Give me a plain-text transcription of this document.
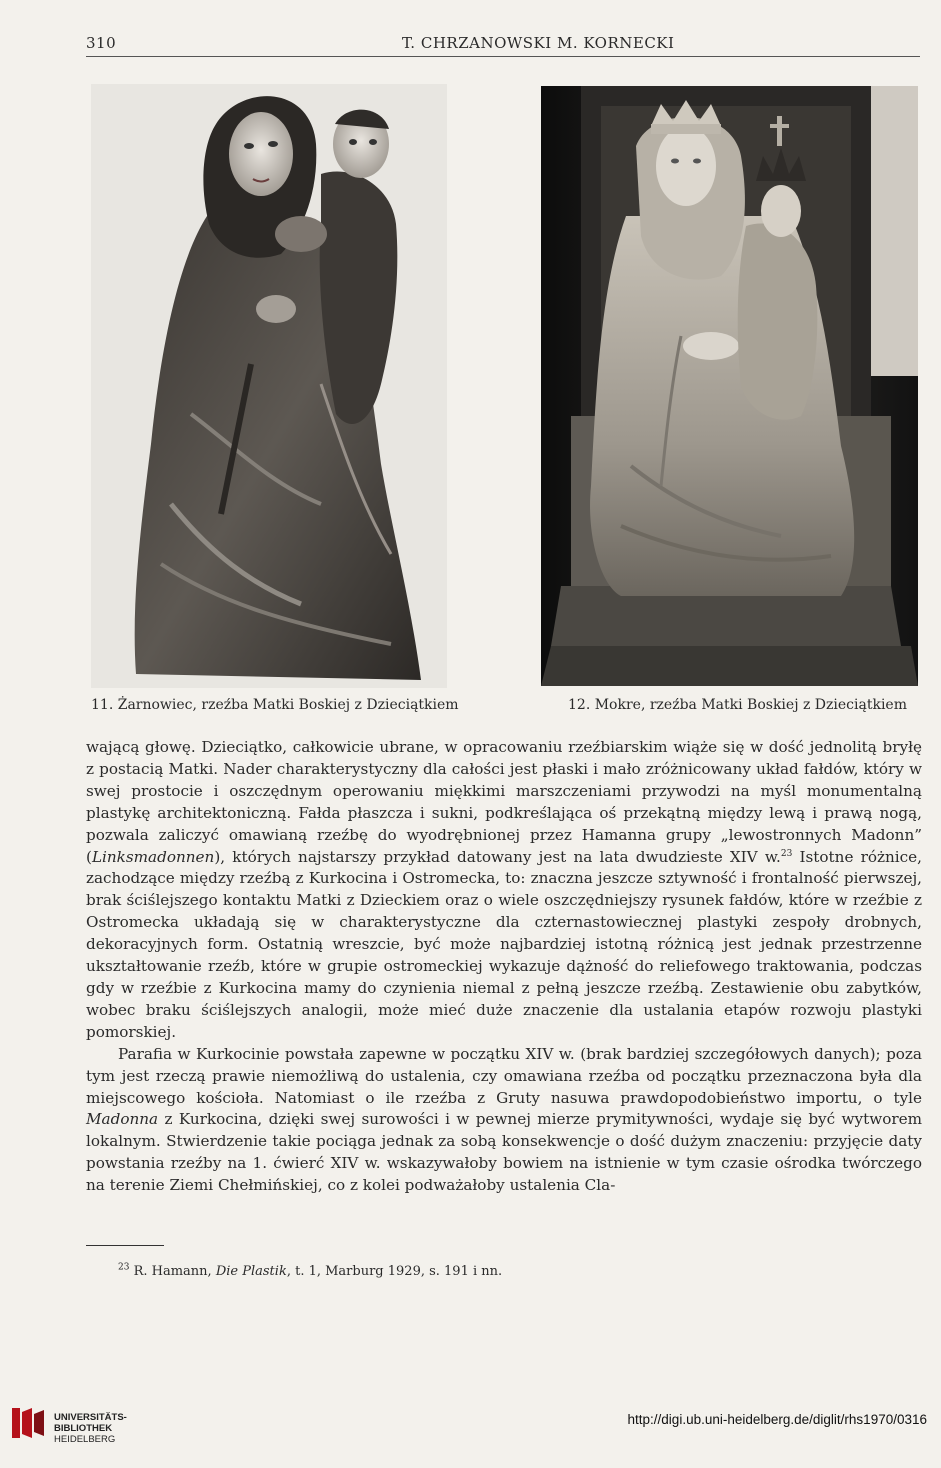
310	T. CHRZANOWSKI M. KORNECKI
11. Żarnowiec, rzeźba Matki Boskiej z Dzieciątkiem	12. Mokre, rzeźba Matki Boskiej z Dzieciątkiem

wającą głowę. Dzieciątko, całkowicie ubrane, w opracowaniu rzeźbiarskim wiąże się w dość jednolitą bryłę z postacią Matki. Nader charakterystyczny dla całości jest płaski i mało zróżnicowany układ fałdów, który w swej prostocie i oszczędnym operowaniu miękkimi marszczeniami przywodzi na myśl monumentalną plastykę architektoniczną. Fałda płaszcza i sukni, podkreślająca oś przekątną między lewą i prawą nogą, pozwala zaliczyć omawianą rzeźbę do wyodrębnionej przez Hamanna grupy „lewostronnych Madonn” (Linksmadonnen), których najstarszy przykład datowany jest na lata dwudzieste XIV w.$^{23}$ Istotne różnice, zachodzące między rzeźbą z Kurkocina i Ostromecka, to: znaczna jeszcze sztywność i frontalność pierwszej, brak ściślejszego kontaktu Matki z Dzieckiem oraz o wiele oszczędniejszy rysunek fałdów, które w rzeźbie z Ostromecka układają się w charakterystyczne dla czternastowiecznej plastyki zespoły drobnych, dekoracyjnych form. Ostatnią wreszcie, być może najbardziej istotną różnicą jest jednak przestrzenne ukształtowanie rzeźb, które w grupie ostromeckiej wykazuje dążność do reliefowego traktowania, podczas gdy w rzeźbie z Kurkocina mamy do czynienia niemal z pełną jeszcze rzeźbą. Zestawienie obu zabytków, wobec braku ściślejszych analogii, może mieć duże znaczenie dla ustalania etapów rozwoju plastyki pomorskiej.

Parafia w Kurkocinie powstała zapewne w początku XIV w. (brak bardziej szczegółowych danych); poza tym jest rzeczą prawie niemożliwą do ustalenia, czy omawiana rzeźba od początku przeznaczona była dla miejscowego kościoła. Natomiast o ile rzeźba z Gruty nasuwa prawdopodobieństwo importu, o tyle Madonna z Kurkocina, dzięki swej surowości i w pewnej mierze prymitywności, wydaje się być wytworem lokalnym. Stwierdzenie takie pociąga jednak za sobą konsekwencje o dość dużym znaczeniu: przyjęcie daty powstania rzeźby na 1. ćwierć XIV w. wskazywałoby bowiem na istnienie w tym czasie ośrodka twórczego na terenie Ziemi Chełmińskiej, co z kolei podważałoby ustalenia Cla-

$^{23}$ R. Hamann, Die Plastik, t. 1, Marburg 1929, s. 191 i nn.
UNIVERSITÄTS-
BIBLIOTHEK
HEIDELBERG
http://digi.ub.uni-heidelberg.de/diglit/rhs1970/0316
